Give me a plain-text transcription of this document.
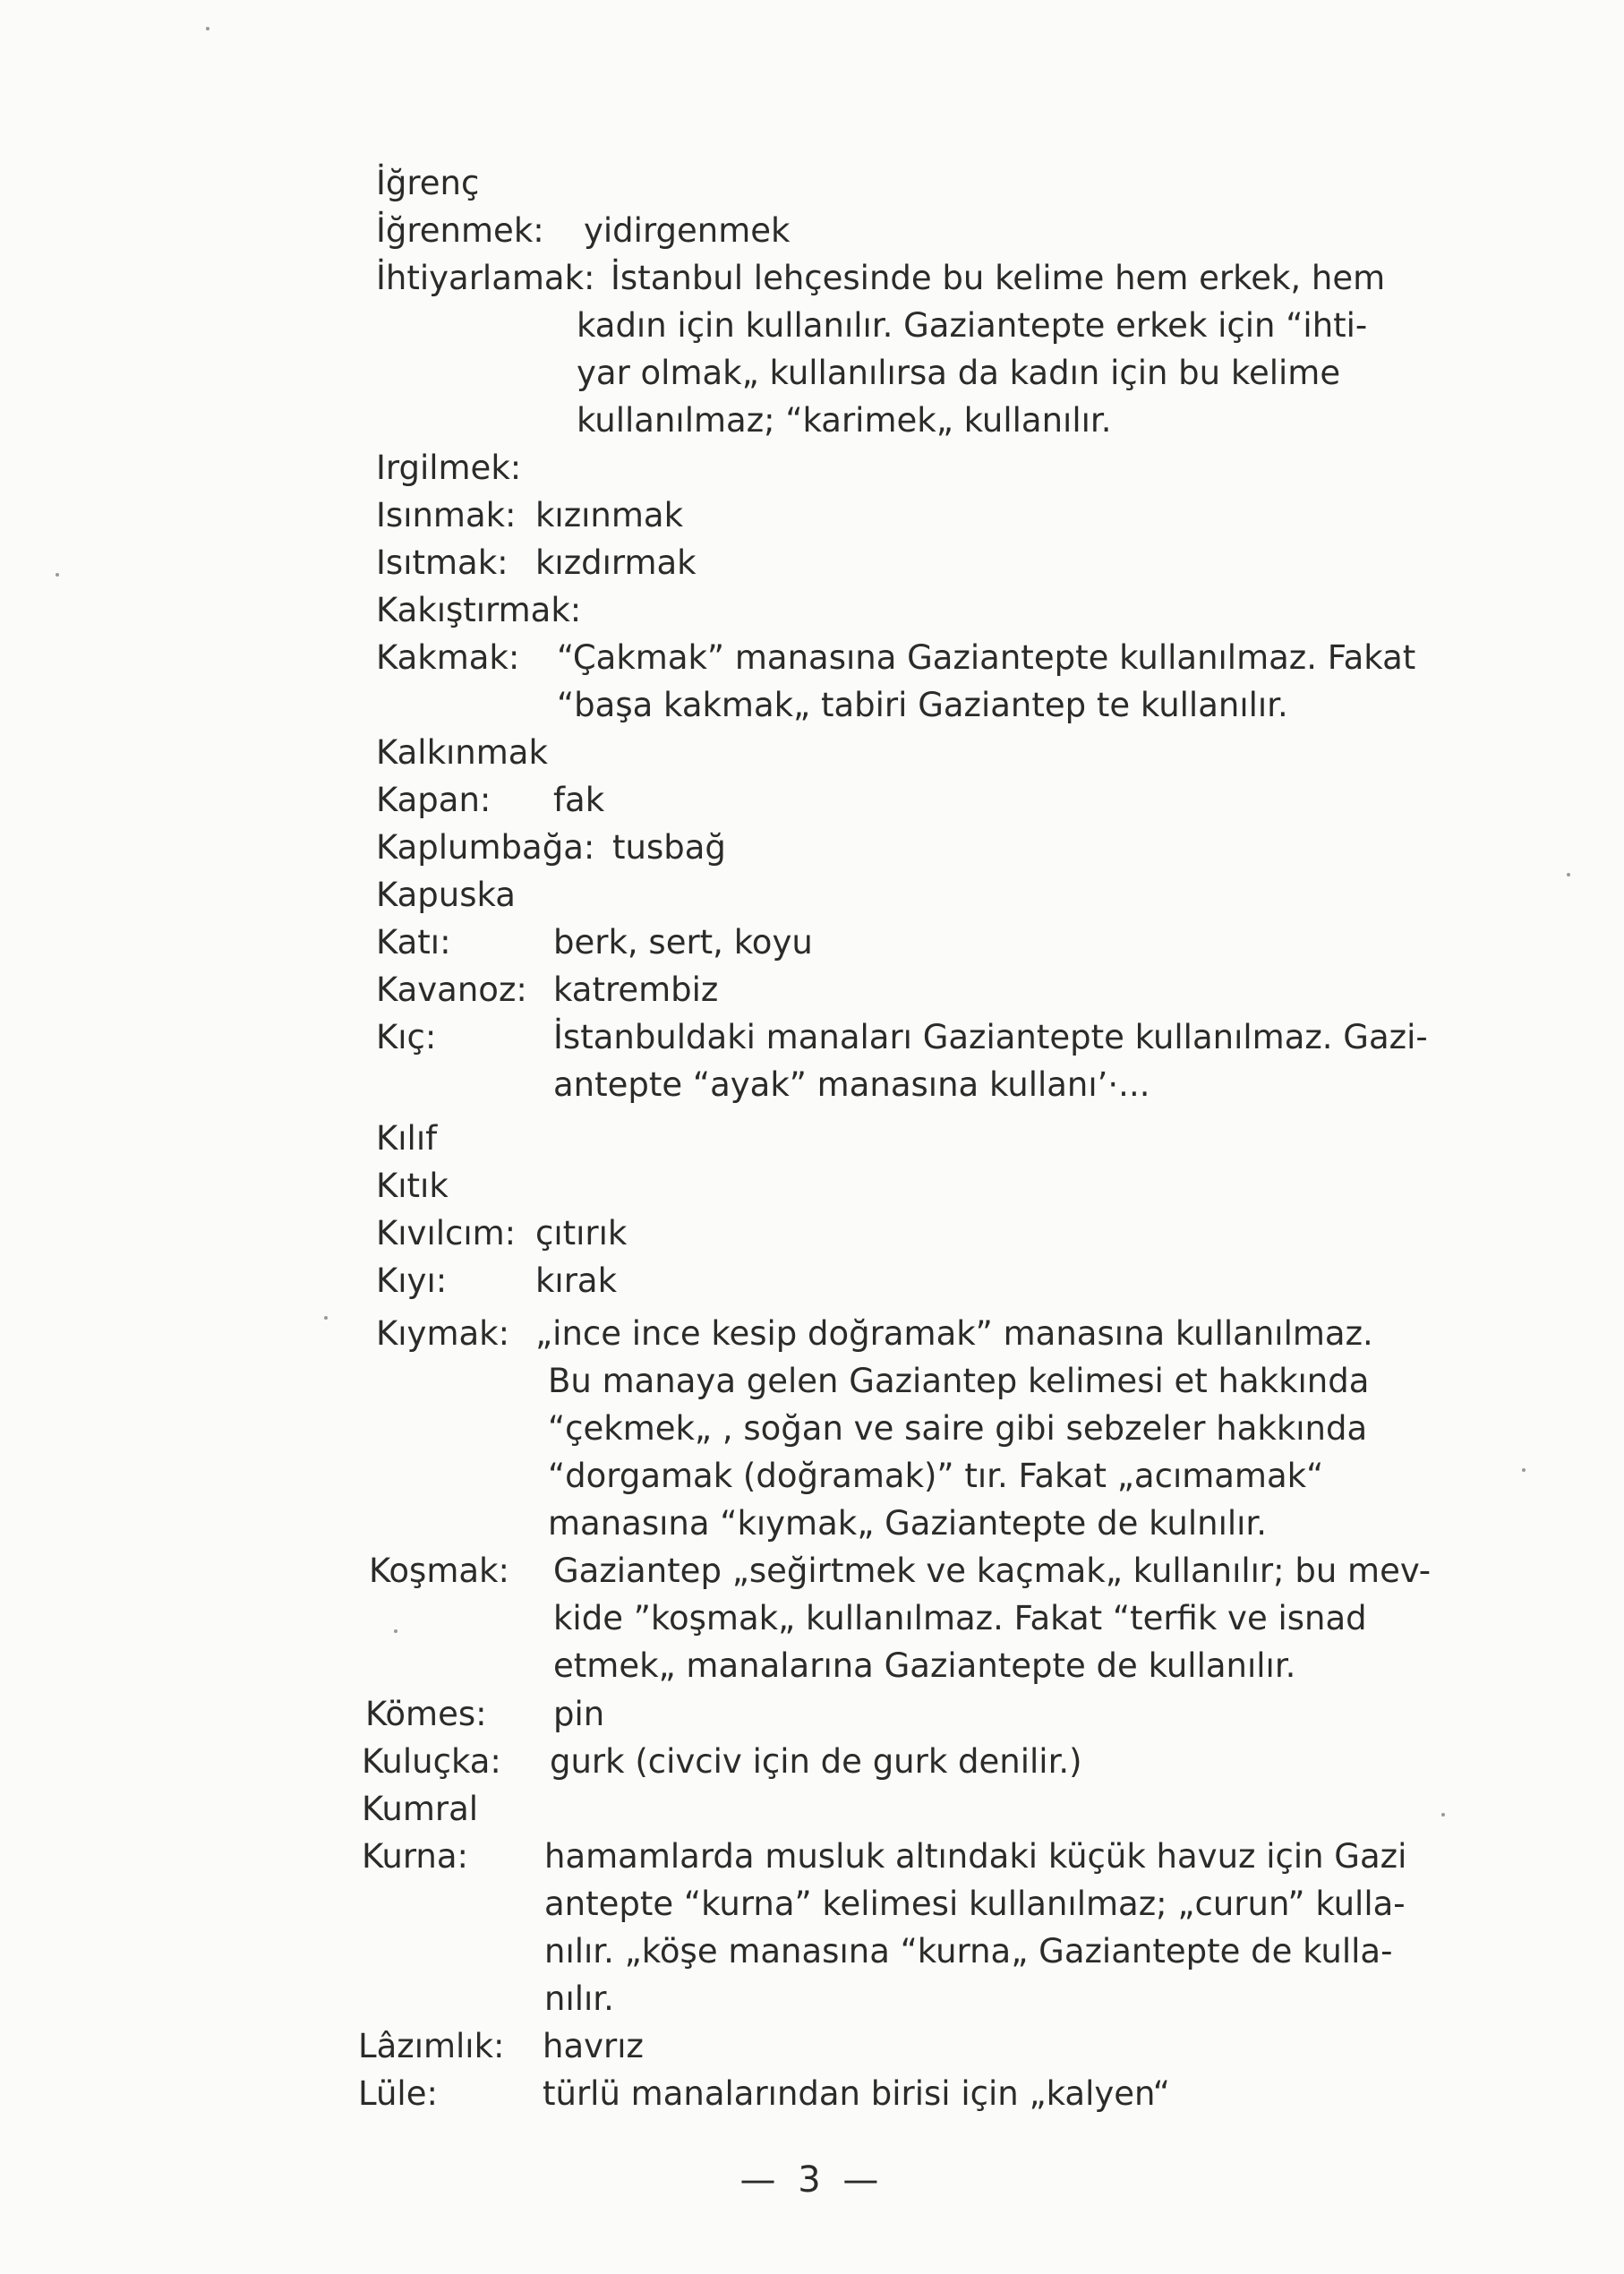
İğrenç
İğrenmek: yidirgenmek
İhtiyarlamak: İstanbul lehçesinde bu kelime hem erkek, hem
kadın için kullanılır. Gaziantepte erkek için “ihti-
yar olmak„ kullanılırsa da kadın için bu kelime
kullanılmaz; “karimek„ kullanılır.
Irgilmek:
Isınmak: kızınmak
Isıtmak: kızdırmak
Kakıştırmak:
Kakmak: “Çakmak” manasına Gaziantepte kullanılmaz. Fakat
“başa kakmak„ tabiri Gaziantep te kullanılır.
Kalkınmak
Kapan: fak
Kaplumbağa: tusbağ
Kapuska
Katı:	berk, sert, koyu
Kavanoz: katrembiz
Kıç:	İstanbuldaki manaları Gaziantepte kullanılmaz. Gazi-
antepte “ayak” manasına kullanı’·...
Kılıf
Kıtık
Kıvılcım: çıtırık
Kıyı:	kırak
Kıymak: „ince ince kesip doğramak” manasına kullanılmaz.
Bu manaya gelen Gaziantep kelimesi et hakkında
“çekmek„ , soğan ve saire gibi sebzeler hakkında
“dorgamak (doğramak)” tır. Fakat „acımamak“
manasına “kıymak„ Gaziantepte de kulnılır.
Koşmak: Gaziantep „seğirtmek ve kaçmak„ kullanılır; bu mev-
kide ”koşmak„ kullanılmaz. Fakat “terfik ve isnad
etmek„ manalarına Gaziantepte de kullanılır.
Kömes: pin
Kuluçka: gurk (civciv için de gurk denilir.)
Kumral
Kurna: hamamlarda musluk altındaki küçük havuz için Gazi
antepte “kurna” kelimesi kullanılmaz; „curun” kulla-
nılır. „köşe manasına “kurna„ Gaziantepte de kulla-
nılır.
Lâzımlık: havrız
Lüle:	türlü manalarından birisi için „kalyen“
— 3 —
